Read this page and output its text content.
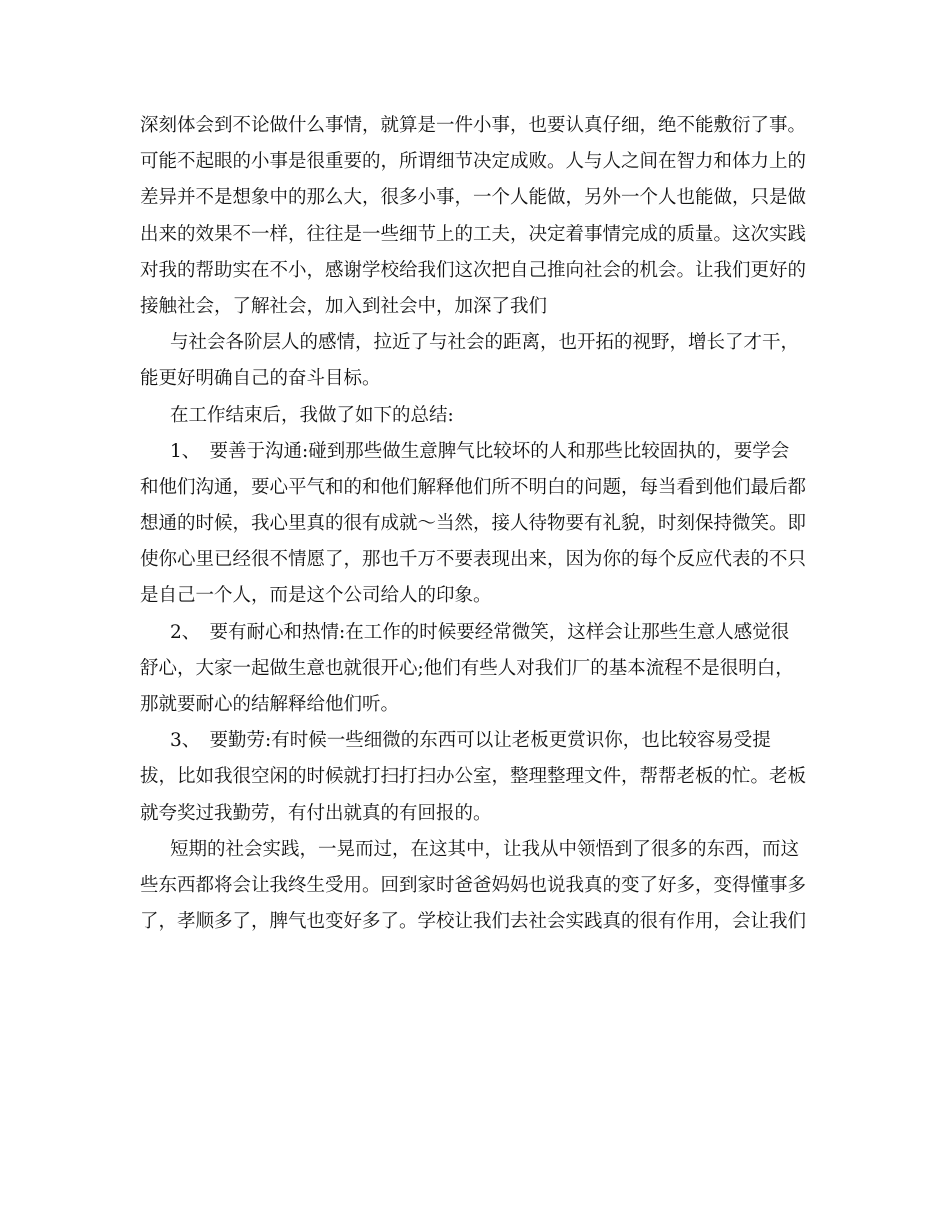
深刻体会到不论做什么事情，就算是一件小事，也要认真仔细，绝不能敷衍了事。
可能不起眼的小事是很重要的，所谓细节决定成败。人与人之间在智力和体力上的
差异并不是想象中的那么大，很多小事，一个人能做，另外一个人也能做，只是做
出来的效果不一样，往往是一些细节上的工夫，决定着事情完成的质量。这次实践
对我的帮助实在不小，感谢学校给我们这次把自己推向社会的机会。让我们更好的
接触社会，了解社会，加入到社会中，加深了我们
与社会各阶层人的感情，拉近了与社会的距离，也开拓的视野，增长了才干，
能更好明确自己的奋斗目标。
在工作结束后，我做了如下的总结:
1、　要善于沟通:碰到那些做生意脾气比较坏的人和那些比较固执的，要学会
和他们沟通，要心平气和的和他们解释他们所不明白的问题，每当看到他们最后都
想通的时候，我心里真的很有成就～当然，接人待物要有礼貌，时刻保持微笑。即
使你心里已经很不情愿了，那也千万不要表现出来，因为你的每个反应代表的不只
是自己一个人，而是这个公司给人的印象。
2、　要有耐心和热情:在工作的时候要经常微笑，这样会让那些生意人感觉很
舒心，大家一起做生意也就很开心;他们有些人对我们厂的基本流程不是很明白，
那就要耐心的结解释给他们听。
3、　要勤劳:有时候一些细微的东西可以让老板更赏识你，也比较容易受提
拔，比如我很空闲的时候就打扫打扫办公室，整理整理文件，帮帮老板的忙。老板
就夸奖过我勤劳，有付出就真的有回报的。
短期的社会实践，一晃而过，在这其中，让我从中领悟到了很多的东西，而这
些东西都将会让我终生受用。回到家时爸爸妈妈也说我真的变了好多，变得懂事多
了，孝顺多了，脾气也变好多了。学校让我们去社会实践真的很有作用，会让我们
